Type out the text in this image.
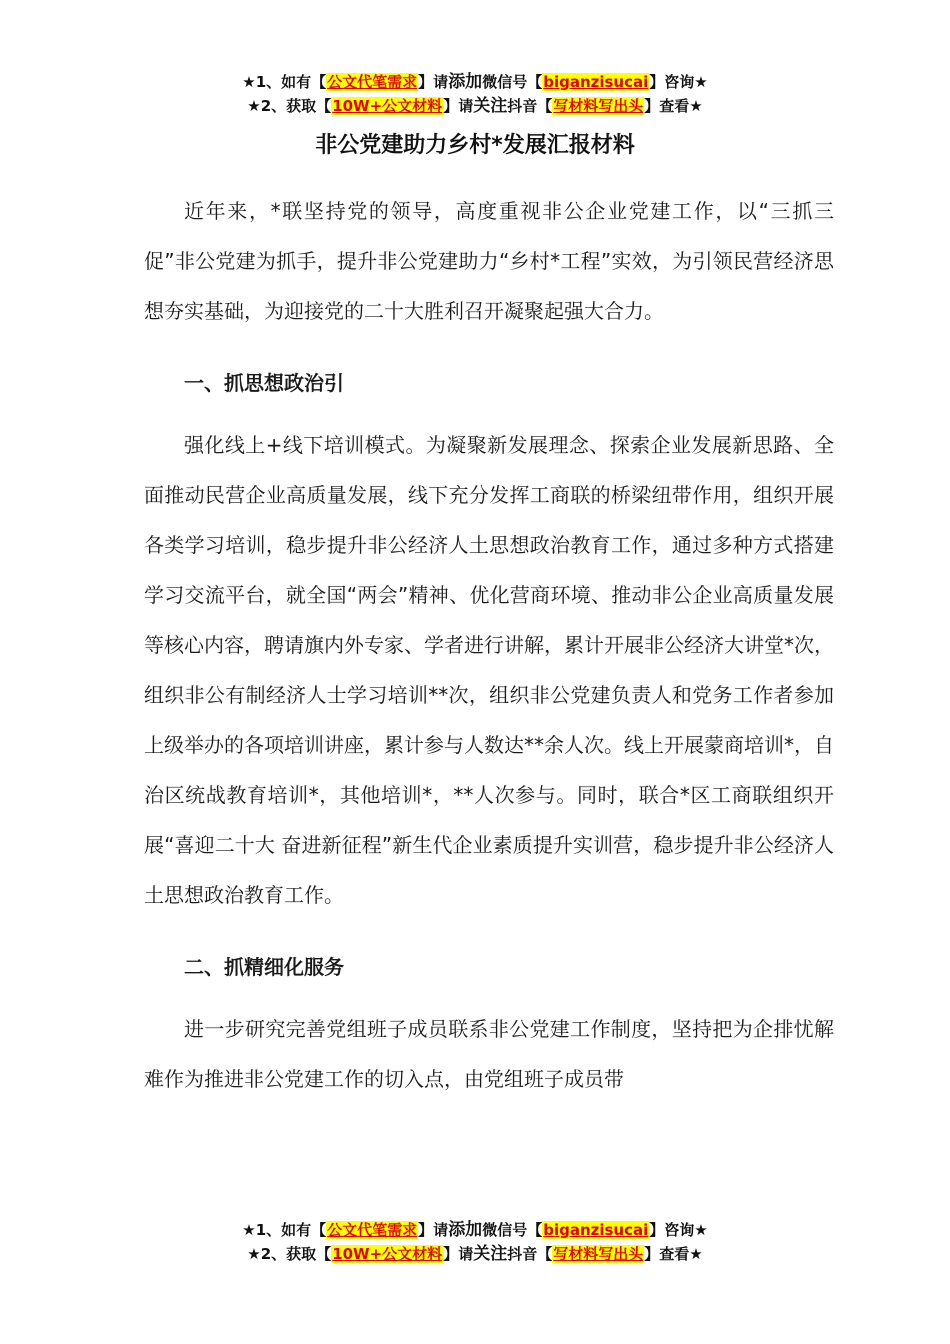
★1、如有【公文代笔需求】请添加微信号【biganzisucai】咨询★
★2、获取【10W+公文材料】请关注抖音【写材料写出头】查看★
非公党建助力乡村*发展汇报材料

近年来，*联坚持党的领导，高度重视非公企业党建工作，以“三抓三促”非公党建为抓手，提升非公党建助力“乡村*工程”实效，为引领民营经济思想夯实基础，为迎接党的二十大胜利召开凝聚起强大合力。

一、抓思想政治引

强化线上+线下培训模式。为凝聚新发展理念、探索企业发展新思路、全面推动民营企业高质量发展，线下充分发挥工商联的桥梁纽带作用，组织开展各类学习培训，稳步提升非公经济人土思想政治教育工作，通过多种方式搭建学习交流平台，就全国“两会”精神、优化营商环境、推动非公企业高质量发展等核心内容，聘请旗内外专家、学者进行讲解，累计开展非公经济大讲堂*次，组织非公有制经济人士学习培训**次，组织非公党建负责人和党务工作者参加上级举办的各项培训讲座，累计参与人数达**余人次。线上开展蒙商培训*，自治区统战教育培训*，其他培训*，**人次参与。同时，联合*区工商联组织开展“喜迎二十大 奋进新征程”新生代企业素质提升实训营，稳步提升非公经济人土思想政治教育工作。

二、抓精细化服务

进一步研究完善党组班子成员联系非公党建工作制度，坚持把为企排忧解难作为推进非公党建工作的切入点，由党组班子成员带

★1、如有【公文代笔需求】请添加微信号【biganzisucai】咨询★
★2、获取【10W+公文材料】请关注抖音【写材料写出头】查看★
